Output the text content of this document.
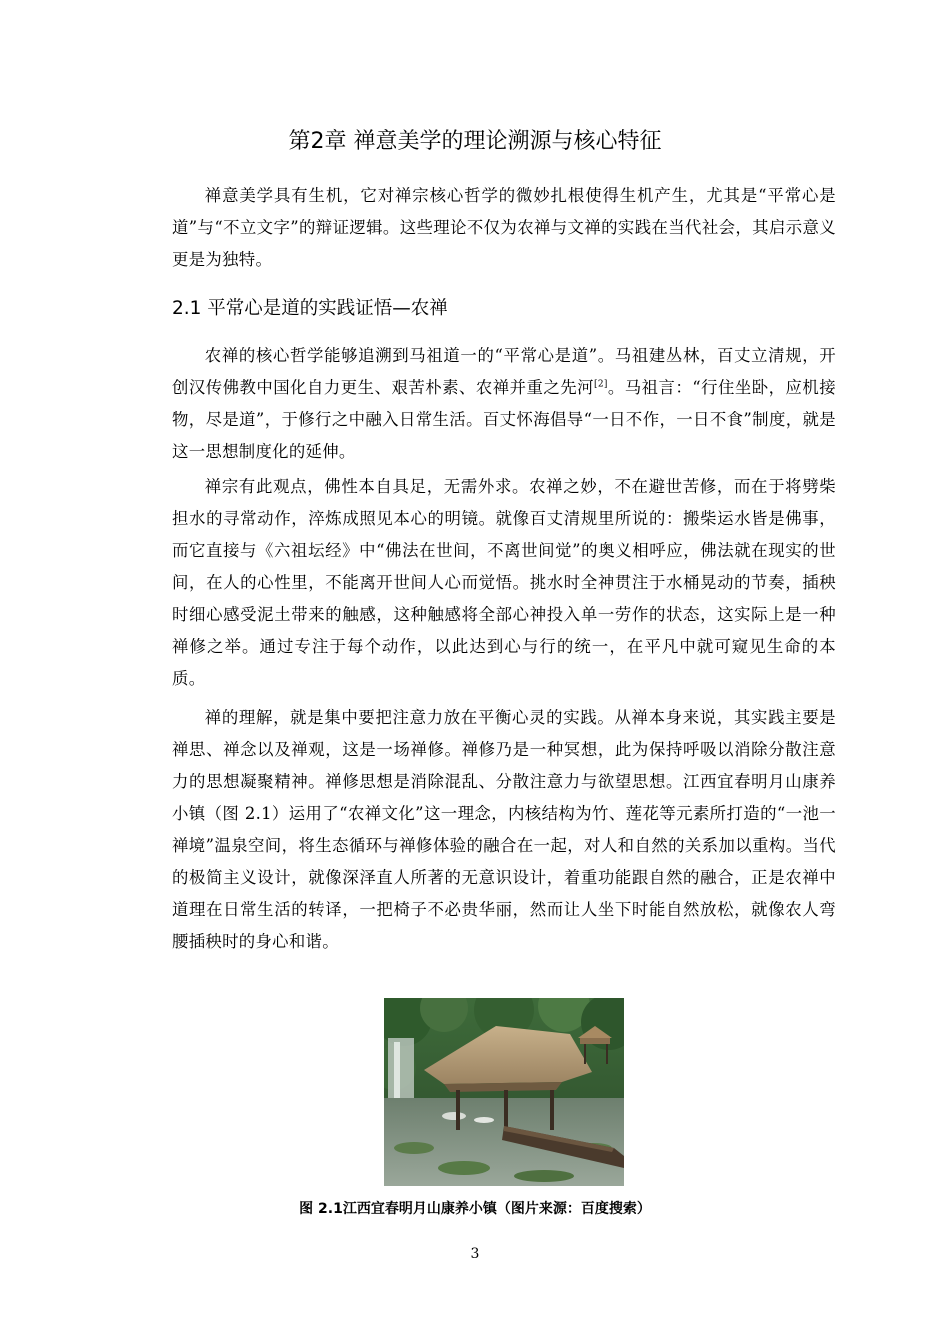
第2章 禅意美学的理论溯源与核心特征

禅意美学具有生机，它对禅宗核心哲学的微妙扎根使得生机产生，尤其是“平常心是道”与“不立文字”的辩证逻辑。这些理论不仅为农禅与文禅的实践在当代社会，其启示意义更是为独特。

2.1 平常心是道的实践证悟—农禅

农禅的核心哲学能够追溯到马祖道一的“平常心是道”。马祖建丛林，百丈立清规，开创汉传佛教中国化自力更生、艰苦朴素、农禅并重之先河[2]。马祖言：“行住坐卧，应机接物，尽是道”，于修行之中融入日常生活。百丈怀海倡导“一日不作，一日不食”制度，就是这一思想制度化的延伸。

禅宗有此观点，佛性本自具足，无需外求。农禅之妙，不在避世苦修，而在于将劈柴担水的寻常动作，淬炼成照见本心的明镜。就像百丈清规里所说的：搬柴运水皆是佛事，而它直接与《六祖坛经》中“佛法在世间，不离世间觉”的奥义相呼应，佛法就在现实的世间，在人的心性里，不能离开世间人心而觉悟。挑水时全神贯注于水桶晃动的节奏，插秧时细心感受泥土带来的触感，这种触感将全部心神投入单一劳作的状态，这实际上是一种禅修之举。通过专注于每个动作，以此达到心与行的统一，在平凡中就可窥见生命的本质。

禅的理解，就是集中要把注意力放在平衡心灵的实践。从禅本身来说，其实践主要是禅思、禅念以及禅观，这是一场禅修。禅修乃是一种冥想，此为保持呼吸以消除分散注意力的思想凝聚精神。禅修思想是消除混乱、分散注意力与欲望思想。江西宜春明月山康养小镇（图 2.1）运用了“农禅文化”这一理念，内核结构为竹、莲花等元素所打造的“一池一禅境”温泉空间，将生态循环与禅修体验的融合在一起，对人和自然的关系加以重构。当代的极简主义设计，就像深泽直人所著的无意识设计，着重功能跟自然的融合，正是农禅中道理在日常生活的转译，一把椅子不必贵华丽，然而让人坐下时能自然放松，就像农人弯腰插秧时的身心和谐。

图 2.1江西宜春明月山康养小镇（图片来源：百度搜索）
3
